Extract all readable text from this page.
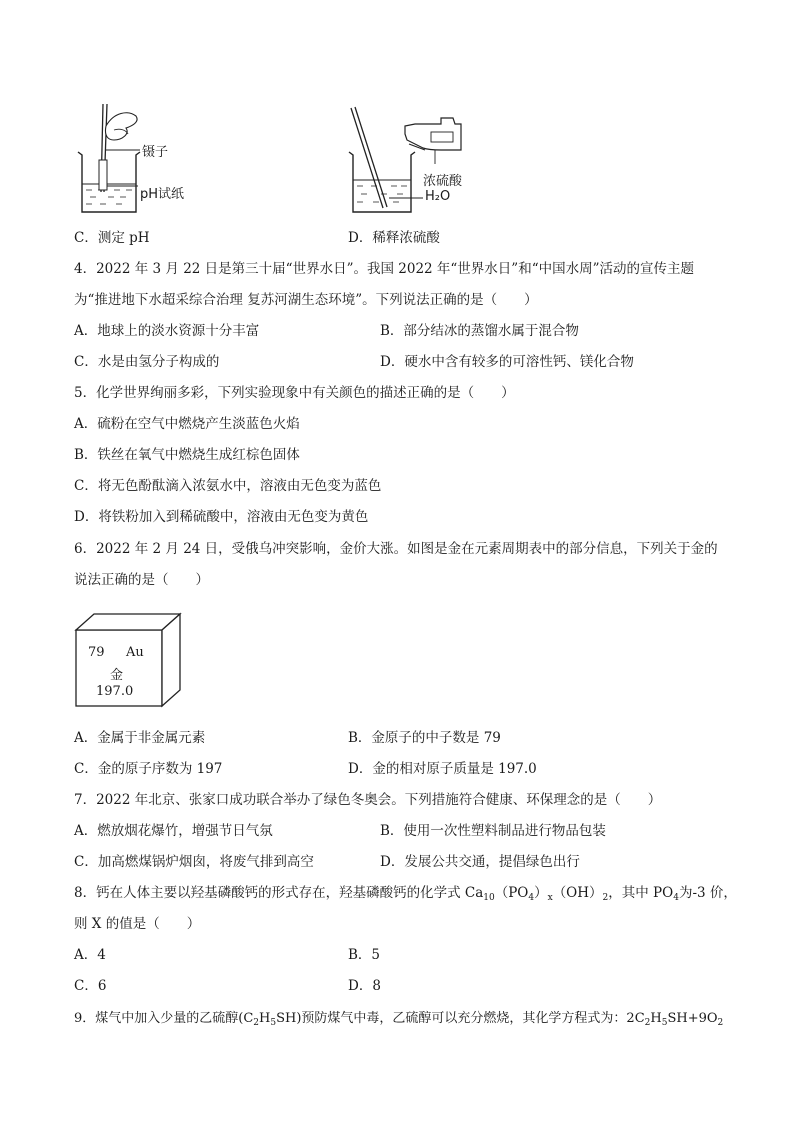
镊子
pH试纸
浓硫酸
H₂O
C．测定 pH	D．稀释浓硫酸
4．2022 年 3 月 22 日是第三十届“世界水日”。我国 2022 年“世界水日”和“中国水周”活动的宣传主题
为“推进地下水超采综合治理 复苏河湖生态环境”。下列说法正确的是（　　）
A．地球上的淡水资源十分丰富	B．部分结冰的蒸馏水属于混合物
C．水是由氢分子构成的	D．硬水中含有较多的可溶性钙、镁化合物
5．化学世界绚丽多彩，下列实验现象中有关颜色的描述正确的是（　　）
A．硫粉在空气中燃烧产生淡蓝色火焰
B．铁丝在氧气中燃烧生成红棕色固体
C．将无色酚酞滴入浓氨水中，溶液由无色变为蓝色
D．将铁粉加入到稀硫酸中，溶液由无色变为黄色
6．2022 年 2 月 24 日，受俄乌冲突影响，金价大涨。如图是金在元素周期表中的部分信息，下列关于金的
说法正确的是（　　）
79 Au
金
197.0
A．金属于非金属元素	B．金原子的中子数是 79
C．金的原子序数为 197	D．金的相对原子质量是 197.0
7．2022 年北京、张家口成功联合举办了绿色冬奥会。下列措施符合健康、环保理念的是（　　）
A．燃放烟花爆竹，增强节日气氛	B．使用一次性塑料制品进行物品包装
C．加高燃煤锅炉烟囱，将废气排到高空	D．发展公共交通，提倡绿色出行
8．钙在人体主要以羟基磷酸钙的形式存在，羟基磷酸钙的化学式 $Ca_{10}(PO_4)_x(OH)_2$，其中 $PO_4$为-3 价，
则 X 的值是（　　）
A．4	B．5
C．6	D．8
9．煤气中加入少量的乙硫醇$(C_2H_5SH)$预防煤气中毒，乙硫醇可以充分燃烧，其化学方程式为：$2C_2H_5SH+9O_2$
